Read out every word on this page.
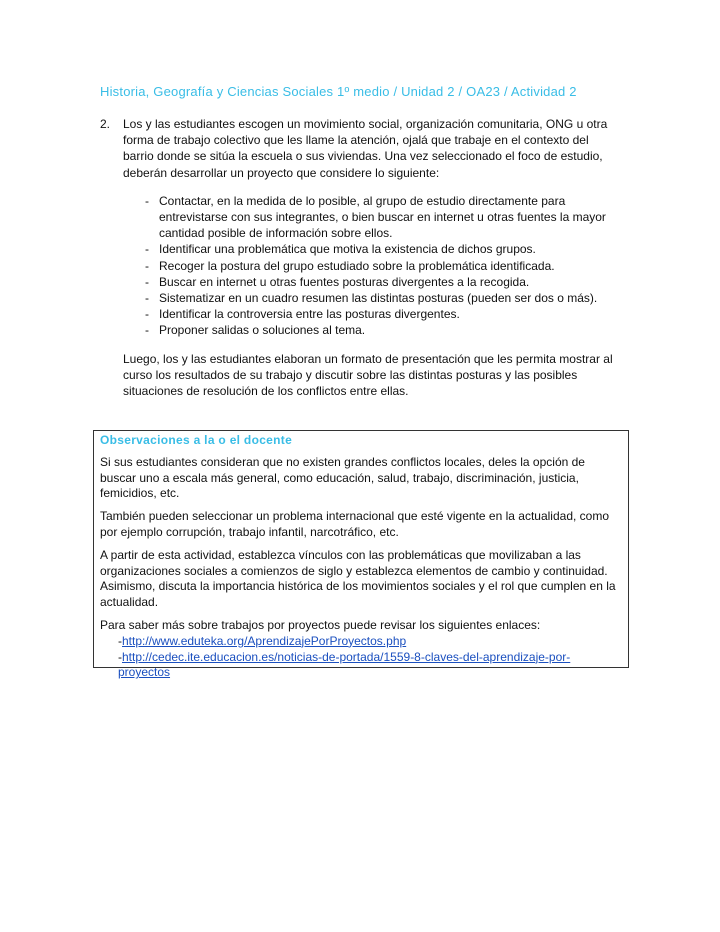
Historia, Geografía y Ciencias Sociales 1º medio / Unidad 2 / OA23 / Actividad 2
2. Los y las estudiantes escogen un movimiento social, organización comunitaria, ONG u otra forma de trabajo colectivo que les llame la atención, ojalá que trabaje en el contexto del barrio donde se sitúa la escuela o sus viviendas. Una vez seleccionado el foco de estudio, deberán desarrollar un proyecto que considere lo siguiente:
- Contactar, en la medida de lo posible, al grupo de estudio directamente para entrevistarse con sus integrantes, o bien buscar en internet u otras fuentes la mayor cantidad posible de información sobre ellos.
- Identificar una problemática que motiva la existencia de dichos grupos.
- Recoger la postura del grupo estudiado sobre la problemática identificada.
- Buscar en internet u otras fuentes posturas divergentes a la recogida.
- Sistematizar en un cuadro resumen las distintas posturas (pueden ser dos o más).
- Identificar la controversia entre las posturas divergentes.
- Proponer salidas o soluciones al tema.
Luego, los y las estudiantes elaboran un formato de presentación que les permita mostrar al curso los resultados de su trabajo y discutir sobre las distintas posturas y las posibles situaciones de resolución de los conflictos entre ellas.
Observaciones a la o el docente

Si sus estudiantes consideran que no existen grandes conflictos locales, deles la opción de buscar uno a escala más general, como educación, salud, trabajo, discriminación, justicia, femicidios, etc.

También pueden seleccionar un problema internacional que esté vigente en la actualidad, como por ejemplo corrupción, trabajo infantil, narcotráfico, etc.

A partir de esta actividad, establezca vínculos con las problemáticas que movilizaban a las organizaciones sociales a comienzos de siglo y establezca elementos de cambio y continuidad. Asimismo, discuta la importancia histórica de los movimientos sociales y el rol que cumplen en la actualidad.

Para saber más sobre trabajos por proyectos puede revisar los siguientes enlaces:
-http://www.eduteka.org/AprendizajePorProyectos.php
-http://cedec.ite.educacion.es/noticias-de-portada/1559-8-claves-del-aprendizaje-por-proyectos
